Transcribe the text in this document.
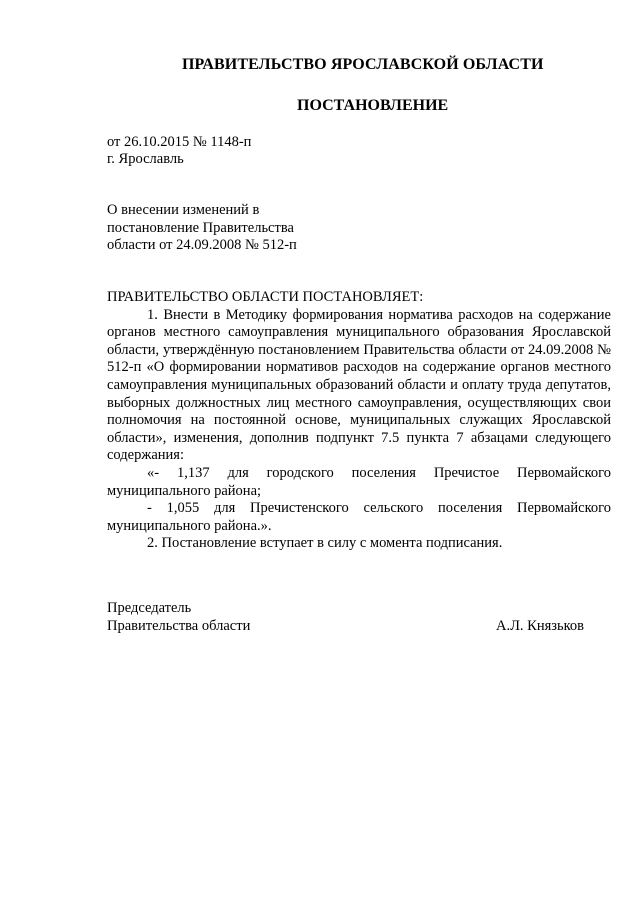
ПРАВИТЕЛЬСТВО ЯРОСЛАВСКОЙ ОБЛАСТИ
ПОСТАНОВЛЕНИЕ
от 26.10.2015 № 1148-п
г. Ярославль
О внесении изменений в
постановление Правительства
области от 24.09.2008 № 512-п

ПРАВИТЕЛЬСТВО ОБЛАСТИ ПОСТАНОВЛЯЕТ:

1. Внести в Методику формирования норматива расходов на содержание органов местного самоуправления муниципального образования Ярославской области, утверждённую постановлением Правительства области от 24.09.2008 № 512-п «О формировании нормативов расходов на содержание органов местного самоуправления муниципальных образований области и оплату труда депутатов, выборных должностных лиц местного самоуправления, осуществляющих свои полномочия на постоянной основе, муниципальных служащих Ярославской области», изменения, дополнив подпункт 7.5 пункта 7 абзацами следующего содержания:

«- 1,137 для городского поселения Пречистое Первомайского муниципального района;

- 1,055 для Пречистенского сельского поселения Первомайского муниципального района.».

2. Постановление вступает в силу с момента подписания.

Председатель
Правительства области	А.Л. Князьков
